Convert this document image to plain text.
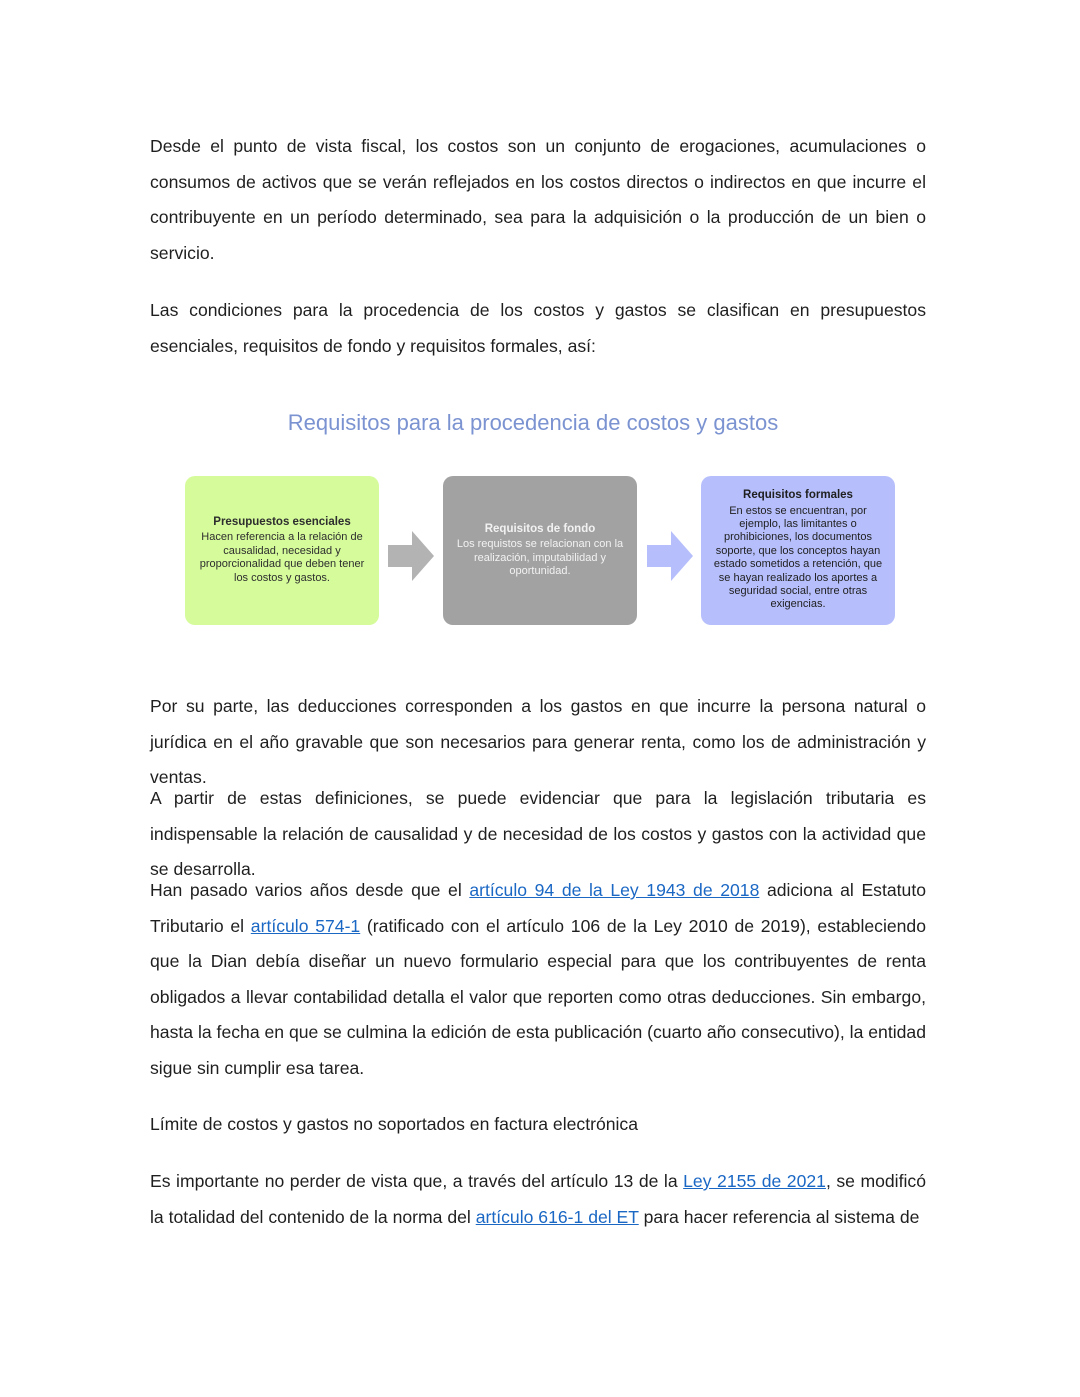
Desde el punto de vista fiscal, los costos son un conjunto de erogaciones, acumulaciones o consumos de activos que se verán reflejados en los costos directos o indirectos en que incurre el contribuyente en un período determinado, sea para la adquisición o la producción de un bien o servicio.

Las condiciones para la procedencia de los costos y gastos se clasifican en presupuestos esenciales, requisitos de fondo y requisitos formales, así:

Requisitos para la procedencia de costos y gastos

Presupuestos esenciales
Hacen referencia a la relación de causalidad, necesidad y proporcionalidad que deben tener los costos y gastos.
Requisitos de fondo
Los requistos se relacionan con la realización, imputabilidad y oportunidad.
Requisitos formales
En estos se encuentran, por ejemplo, las limitantes o prohibiciones, los documentos soporte, que los conceptos hayan estado sometidos a retención, que se hayan realizado los aportes a seguridad social, entre otras exigencias.

Por su parte, las deducciones corresponden a los gastos en que incurre la persona natural o jurídica en el año gravable que son necesarios para generar renta, como los de administración y ventas.

A partir de estas definiciones, se puede evidenciar que para la legislación tributaria es indispensable la relación de causalidad y de necesidad de los costos y gastos con la actividad que se desarrolla.

Han pasado varios años desde que el artículo 94 de la Ley 1943 de 2018 adiciona al Estatuto Tributario el artículo 574-1 (ratificado con el artículo 106 de la Ley 2010 de 2019), estableciendo que la Dian debía diseñar un nuevo formulario especial para que los contribuyentes de renta obligados a llevar contabilidad detalla el valor que reporten como otras deducciones. Sin embargo, hasta la fecha en que se culmina la edición de esta publicación (cuarto año consecutivo), la entidad sigue sin cumplir esa tarea.

Límite de costos y gastos no soportados en factura electrónica

Es importante no perder de vista que, a través del artículo 13 de la Ley 2155 de 2021, se modificó la totalidad del contenido de la norma del artículo 616-1 del ET para hacer referencia al sistema de
